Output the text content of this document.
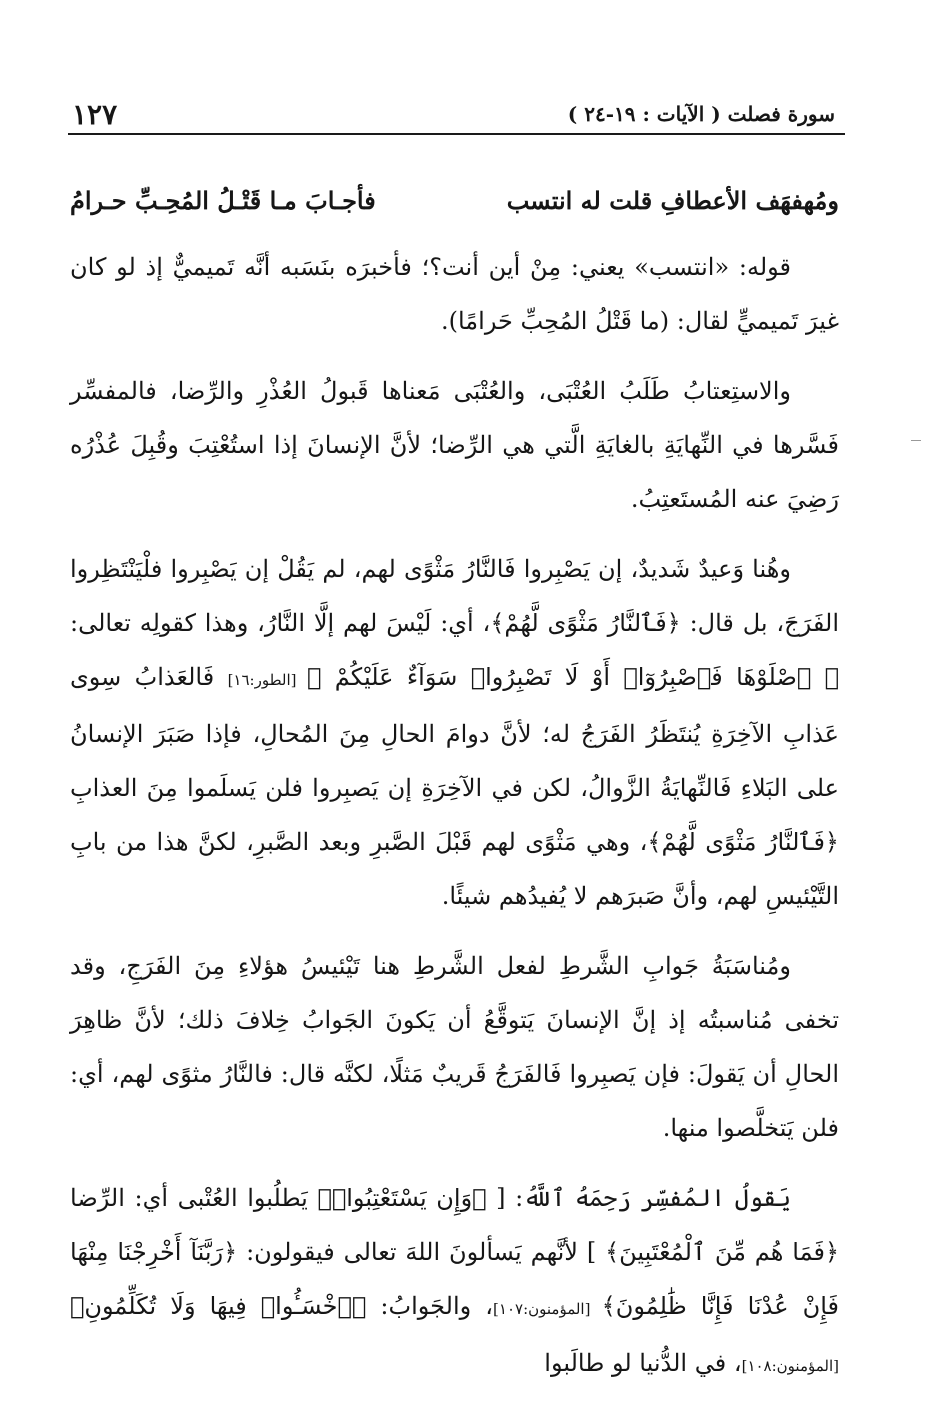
سورة فصلت ( الآيات : ١٩-٢٤ )
١٢٧
ومُهفهَف الأعطافِ قلت له انتسب
فأجـابَ مـا قَتْـلُ المُحِـبِّ حـرامُ

قوله: «انتسب» يعني: مِنْ أين أنت؟؛ فأخبرَه بنَسَبه أنَّه تَميميٌّ إذ لو كان غيرَ تَميميٍّ لقال: (ما قَتْلُ المُحِبِّ حَرامًا).

والاستِعتابُ طَلَبُ العُتْبَى، والعُتْبَى مَعناها قَبولُ العُذْرِ والرِّضا، فالمفسِّر فَسَّرها في النِّهايَةِ بالغايَةِ الَّتي هي الرِّضا؛ لأنَّ الإنسانَ إذا استُعْتِبَ وقُبِلَ عُذْرُه رَضِيَ عنه المُستَعتِبُ.

وهُنا وَعيدٌ شَديدٌ، إن يَصْبِروا فَالنَّارُ مَثْوًى لهم، لم يَقُلْ إن يَصْبِروا فلْيَنْتَظِروا الفَرَجَ، بل قال: ﴿فَٱلنَّارُ مَثْوًى لَّهُمْ﴾، أي: لَيْسَ لهم إلَّا النَّارُ، وهذا كقولِه تعالى: ﴿ ٱصْلَوْهَا فَٱصْبِرُوٓا۟ أَوْ لَا تَصْبِرُوا۟ سَوَآءٌ عَلَيْكُمْ ﴾ [الطور:١٦] فَالعَذابُ سِوى عَذابِ الآخِرَةِ يُنتَظَرُ الفَرَجُ له؛ لأنَّ دوامَ الحالِ مِنَ المُحالِ، فإذا صَبَرَ الإنسانُ على البَلاءِ فَالنِّهايَةُ الزَّوالُ، لكن في الآخِرَةِ إن يَصبِروا فلن يَسلَموا مِنَ العذابِ ﴿فَٱلنَّارُ مَثْوًى لَّهُمْ﴾، وهي مَثْوًى لهم قَبْلَ الصَّبرِ وبعد الصَّبرِ، لكنَّ هذا من بابِ التَّيْئيسِ لهم، وأنَّ صَبرَهم لا يُفيدُهم شيئًا.

ومُناسَبَةُ جَوابِ الشَّرطِ لفعل الشَّرطِ هنا تَيْئيسُ هؤلاءِ مِنَ الفَرَجِ، وقد تخفى مُناسبتُه إذ إنَّ الإنسانَ يَتوقَّعُ أن يَكونَ الجَوابُ خِلافَ ذلك؛ لأنَّ ظاهِرَ الحالِ أن يَقولَ: فإن يَصبِروا فَالفَرَجُ قَريبٌ مَثلًا، لكنَّه قال: فالنَّارُ مثوًى لهم، أي: فلن يَتخلَّصوا منها.

يَقولُ المُفسِّر رَحِمَهُ ٱللَّهُ: [ ﴿وَإِن يَسْتَعْتِبُوا۟﴾ يَطلُبوا العُتْبى أي: الرِّضا ﴿فَمَا هُم مِّنَ ٱلْمُعْتَبِينَ﴾ ] لأنَّهم يَسألونَ اللهَ تعالى فيقولون: ﴿رَبَّنَآ أَخْرِجْنَا مِنْهَا فَإِنْ عُدْنَا فَإِنَّا ظَٰلِمُونَ﴾ [المؤمنون:١٠٧]، والجَوابُ: ﴿ٱخْسَـُٔوا۟ فِيهَا وَلَا تُكَلِّمُونِ﴾ [المؤمنون:١٠٨]، في الدُّنيا لو طالَبوا
